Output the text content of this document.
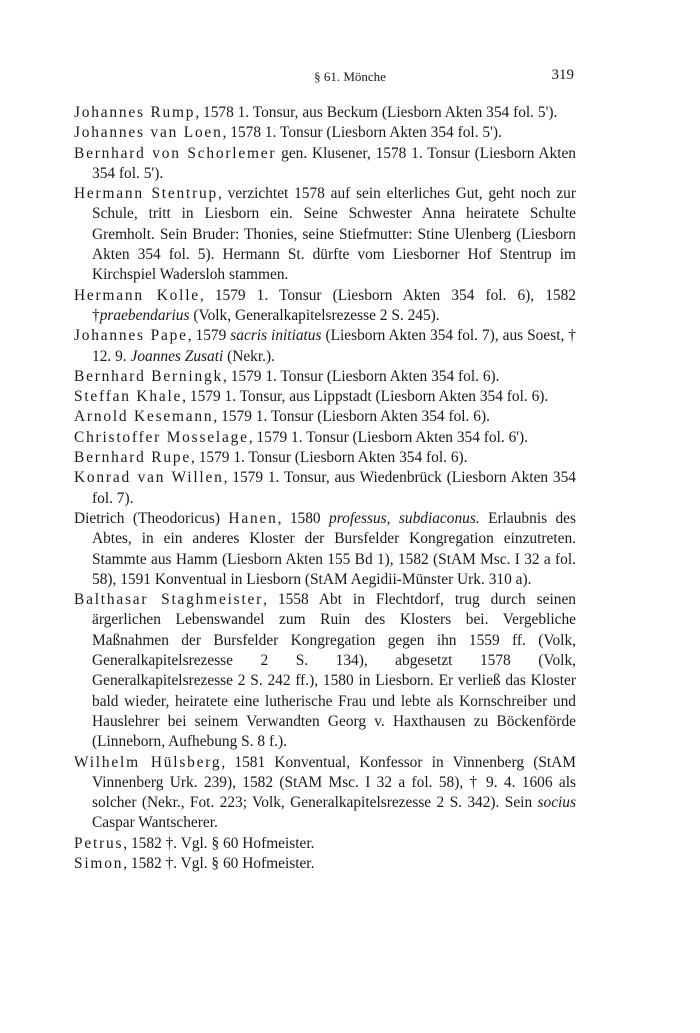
§ 61. Mönche	319

Johannes Rump, 1578 1. Tonsur, aus Beckum (Liesborn Akten 354 fol. 5').

Johannes van Loen, 1578 1. Tonsur (Liesborn Akten 354 fol. 5').

Bernhard von Schorlemer gen. Klusener, 1578 1. Tonsur (Liesborn Akten 354 fol. 5').

Hermann Stentrup, verzichtet 1578 auf sein elterliches Gut, geht noch zur Schule, tritt in Liesborn ein. Seine Schwester Anna heiratete Schulte Gremholt. Sein Bruder: Thonies, seine Stiefmutter: Stine Ulenberg (Liesborn Akten 354 fol. 5). Hermann St. dürfte vom Liesborner Hof Stentrup im Kirchspiel Wadersloh stammen.

Hermann Kolle, 1579 1. Tonsur (Liesborn Akten 354 fol. 6), 1582 †praebendarius (Volk, Generalkapitelsrezesse 2 S. 245).

Johannes Pape, 1579 sacris initiatus (Liesborn Akten 354 fol. 7), aus Soest, † 12. 9. Joannes Zusati (Nekr.).

Bernhard Berningk, 1579 1. Tonsur (Liesborn Akten 354 fol. 6).

Steffan Khale, 1579 1. Tonsur, aus Lippstadt (Liesborn Akten 354 fol. 6).

Arnold Kesemann, 1579 1. Tonsur (Liesborn Akten 354 fol. 6).

Christoffer Mosselage, 1579 1. Tonsur (Liesborn Akten 354 fol. 6').

Bernhard Rupe, 1579 1. Tonsur (Liesborn Akten 354 fol. 6).

Konrad van Willen, 1579 1. Tonsur, aus Wiedenbrück (Liesborn Akten 354 fol. 7).

Dietrich (Theodoricus) Hanen, 1580 professus, subdiaconus. Erlaubnis des Abtes, in ein anderes Kloster der Bursfelder Kongregation einzutreten. Stammte aus Hamm (Liesborn Akten 155 Bd 1), 1582 (StAM Msc. I 32 a fol. 58), 1591 Konventual in Liesborn (StAM Aegidii-Münster Urk. 310 a).

Balthasar Staghmeister, 1558 Abt in Flechtdorf, trug durch seinen ärgerlichen Lebenswandel zum Ruin des Klosters bei. Vergebliche Maßnahmen der Bursfelder Kongregation gegen ihn 1559 ff. (Volk, Generalkapitelsrezesse 2 S. 134), abgesetzt 1578 (Volk, Generalkapitelsrezesse 2 S. 242 ff.), 1580 in Liesborn. Er verließ das Kloster bald wieder, heiratete eine lutherische Frau und lebte als Kornschreiber und Hauslehrer bei seinem Verwandten Georg v. Haxthausen zu Böckenförde (Linneborn, Aufhebung S. 8 f.).

Wilhelm Hülsberg, 1581 Konventual, Konfessor in Vinnenberg (StAM Vinnenberg Urk. 239), 1582 (StAM Msc. I 32 a fol. 58), † 9. 4. 1606 als solcher (Nekr., Fot. 223; Volk, Generalkapitelsrezesse 2 S. 342). Sein socius Caspar Wantscherer.

Petrus, 1582 †. Vgl. § 60 Hofmeister.

Simon, 1582 †. Vgl. § 60 Hofmeister.
